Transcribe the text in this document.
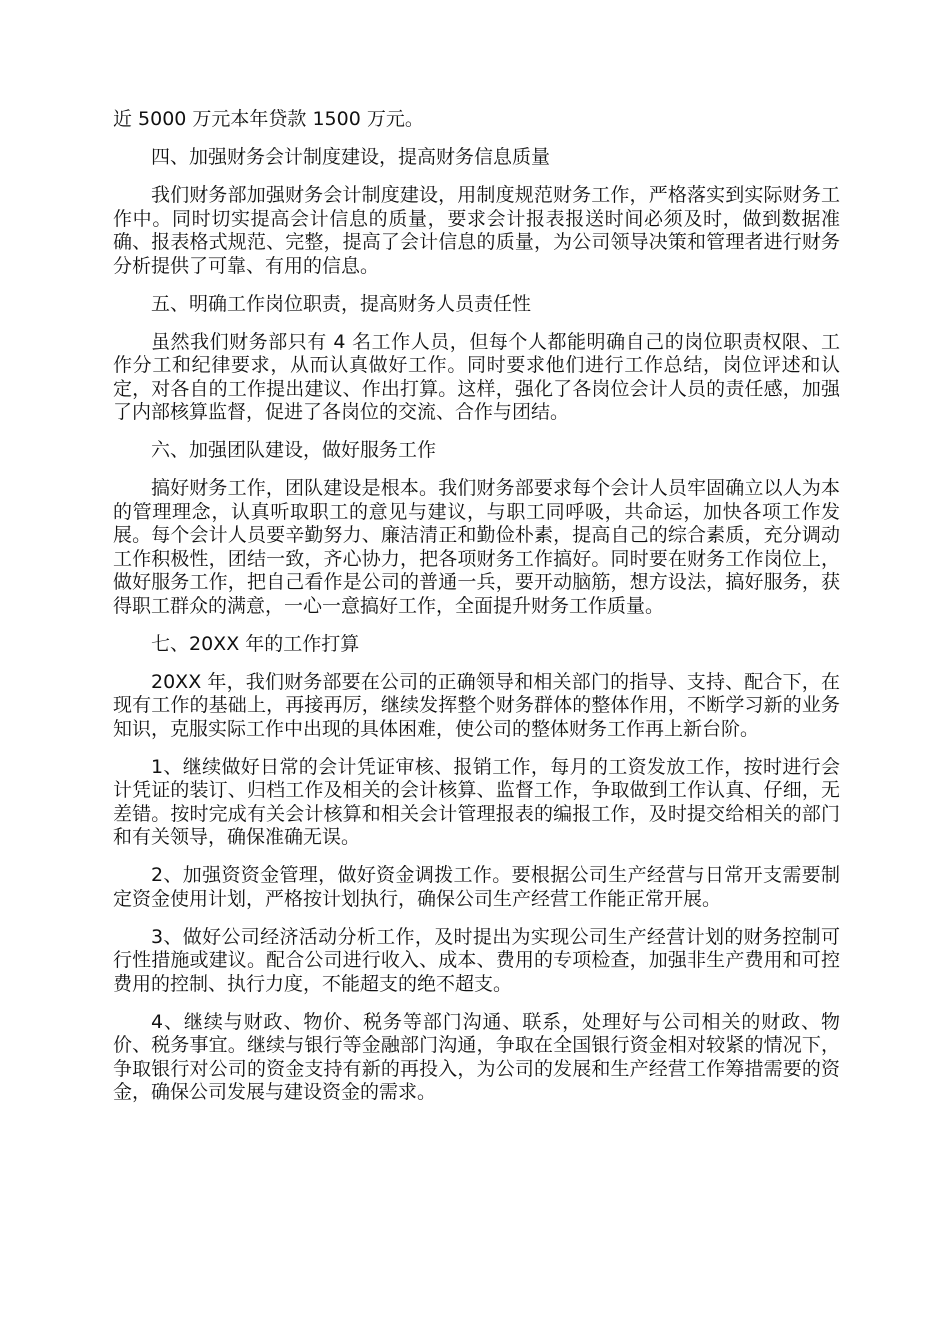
近 5000 万元本年贷款 1500 万元。

四、加强财务会计制度建设，提高财务信息质量

我们财务部加强财务会计制度建设，用制度规范财务工作，严格落实到实际财务工作中。同时切实提高会计信息的质量，要求会计报表报送时间必须及时，做到数据准确、报表格式规范、完整，提高了会计信息的质量，为公司领导决策和管理者进行财务分析提供了可靠、有用的信息。

五、明确工作岗位职责，提高财务人员责任性

虽然我们财务部只有 4 名工作人员，但每个人都能明确自己的岗位职责权限、工作分工和纪律要求，从而认真做好工作。同时要求他们进行工作总结，岗位评述和认定，对各自的工作提出建议、作出打算。这样，强化了各岗位会计人员的责任感，加强了内部核算监督，促进了各岗位的交流、合作与团结。

六、加强团队建设，做好服务工作

搞好财务工作，团队建设是根本。我们财务部要求每个会计人员牢固确立以人为本的管理理念，认真听取职工的意见与建议，与职工同呼吸，共命运，加快各项工作发展。每个会计人员要辛勤努力、廉洁清正和勤俭朴素，提高自己的综合素质，充分调动工作积极性，团结一致，齐心协力，把各项财务工作搞好。同时要在财务工作岗位上，做好服务工作，把自己看作是公司的普通一兵，要开动脑筋，想方设法，搞好服务，获得职工群众的满意，一心一意搞好工作，全面提升财务工作质量。

七、20XX 年的工作打算

20XX 年，我们财务部要在公司的正确领导和相关部门的指导、支持、配合下，在现有工作的基础上，再接再厉，继续发挥整个财务群体的整体作用，不断学习新的业务知识，克服实际工作中出现的具体困难，使公司的整体财务工作再上新台阶。

1、继续做好日常的会计凭证审核、报销工作，每月的工资发放工作，按时进行会计凭证的装订、归档工作及相关的会计核算、监督工作，争取做到工作认真、仔细，无差错。按时完成有关会计核算和相关会计管理报表的编报工作，及时提交给相关的部门和有关领导，确保准确无误。

2、加强资资金管理，做好资金调拨工作。要根据公司生产经营与日常开支需要制定资金使用计划，严格按计划执行，确保公司生产经营工作能正常开展。

3、做好公司经济活动分析工作，及时提出为实现公司生产经营计划的财务控制可行性措施或建议。配合公司进行收入、成本、费用的专项检查，加强非生产费用和可控费用的控制、执行力度，不能超支的绝不超支。

4、继续与财政、物价、税务等部门沟通、联系，处理好与公司相关的财政、物价、税务事宜。继续与银行等金融部门沟通，争取在全国银行资金相对较紧的情况下，争取银行对公司的资金支持有新的再投入，为公司的发展和生产经营工作筹措需要的资金，确保公司发展与建设资金的需求。
